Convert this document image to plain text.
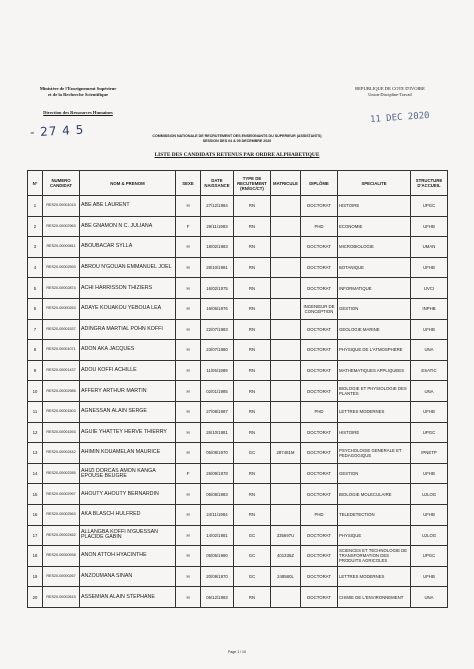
Ministère de l'Enseignement Supérieur
et de la Recherche Scientifique
Direction des Ressources Humaines
REPUBLIQUE DE COTE D'IVOIRE
Union-Discipline-Travail
- 27 4 5
11 DEC 2020
COMMISSION NATIONALE DE RECRUTEMENT DES ENSEIGNANTS DU SUPERIEUR (ASSISTANTS)
SESSION DES 04 & 05 DECEMBRE 2020
LISTE DES CANDIDATS RETENUS PAR ORDRE ALPHABETIQUE
N°	NUMERO CANDIDAT	NOM & PRENOM	SEXE	DATE NAISSANCE	TYPE DE RECUTEMENT (RN/GC/CT)	MATRICULE	DIPLÔME	SPECIALITE	STRUCTURE D'ACCUEIL
1	RES20-00001019	ABE ABE LAURENT	H	27/12/1984	RN		DOCTORAT	HISTOIRE	UPGC
2	RES20-00002963	ABE GNAMON N C. JULIANA	F	29/11/1983	RN		PHD	ECONOMIE	UFHB
3	RES20-00000811	ABOUBACAR SYLLA	H	18/02/1983	RN		DOCTORAT	MICROBIOLOGIE	UMAN
4	RES20-00002593	ABROU N'GOUAN EMMANUEL JOEL	H	28/10/1981	RN		DOCTORAT	BOTANIQUE	UFHB
5	RES20-00002874	ACHI HARRISSON THIZIERS	H	16/02/1975	RN		DOCTORAT	INFORMATIQUE	UVCI
6	RES20-00000253	ADAYE KOUAKOU YEBOUA LEA	H	16/06/1976	RN		INGENIEUR DE CONCEPTION	GESTION	INPHB
7	RES20-00001537	ADINGRA MARTIAL POHN KOFFI	H	22/07/1983	RN		DOCTORAT	GEOLOGIE MARINE	UFHB
8	RES20-00001071	ADON AKA JACQUES	H	23/07/1980	RN		DOCTORAT	PHYSIQUE DE L'ATMOSPHERE	UNA
9	RES20-00001437	ADOU KOFFI ACHILLE	H	11/05/1989	RN		DOCTORAT	MATHEMATIQUES APPLIQUEES	ESATIC
10	RES20-00002985	AFFERY ARTHUR MARTIN	H	02/01/1985	RN		DOCTORAT	BIOLOGIE ET PHYSIOLOGIE DES PLANTES	UNA
11	RES20-00001503	AGNESSAN ALAIN SERGE	H	27/08/1987	RN		PHD	LETTRES MODERNES	UFHB
12	RES20-00001593	AGUIE YHATTEY HERVE THIERRY	H	26/10/1981	RN		DOCTORAT	HISTOIRE	UPGC
13	RES20-00002442	AHIMIN KOUAMELAN MAURICE	H	05/08/1970	GC	287481M	DOCTORAT	PSYCHOLOGIE GENERALE ET PEDAGOGIQUE	IPNETP
14	RES20-00002285	AHIZI DORCAS AMON KANGA EPOUSE BEUGRE	F	26/09/1978	RN		DOCTORAT	GESTION	UFHB
15	RES20-00002997	AHOUTY AHOUTY BERNARDIN	H	06/08/1983	RN		DOCTORAT	BIOLOGIE MOLECULAIRE	UJLOG
16	RES20-00002563	AKA BLASCH HULFRED	H	24/11/1984	RN		PHD	TELEDETECTION	UFHB
17	RES20-00002462	ALLANGBA KOFFI N'GUESSAN PLACIDE GABIN	H	14/02/1981	GC	335697U	DOCTORAT	PHYSIQUE	UJLOG
18	RES20-00000938	ANON ATTOH HYACINTHE	H	05/05/1980	GC	401336Z	DOCTORAT	SCIENCES ET TECHNOLOGIE DE TRANSFORMATION DES PRODUITS AGRICOLES	UPGC
19	RES20-00000267	ANZOUMANA SINAN	H	20/09/1970	GC	248580L	DOCTORAT	LETTRES MODERNES	UFHB
20	RES20-00002615	ASSEMIAN ALAIN STEPHANE	H	06/12/1983	RN		DOCTORAT	CHIMIE DE L'ENVIRONNEMENT	UNA
Page 1 / 10
